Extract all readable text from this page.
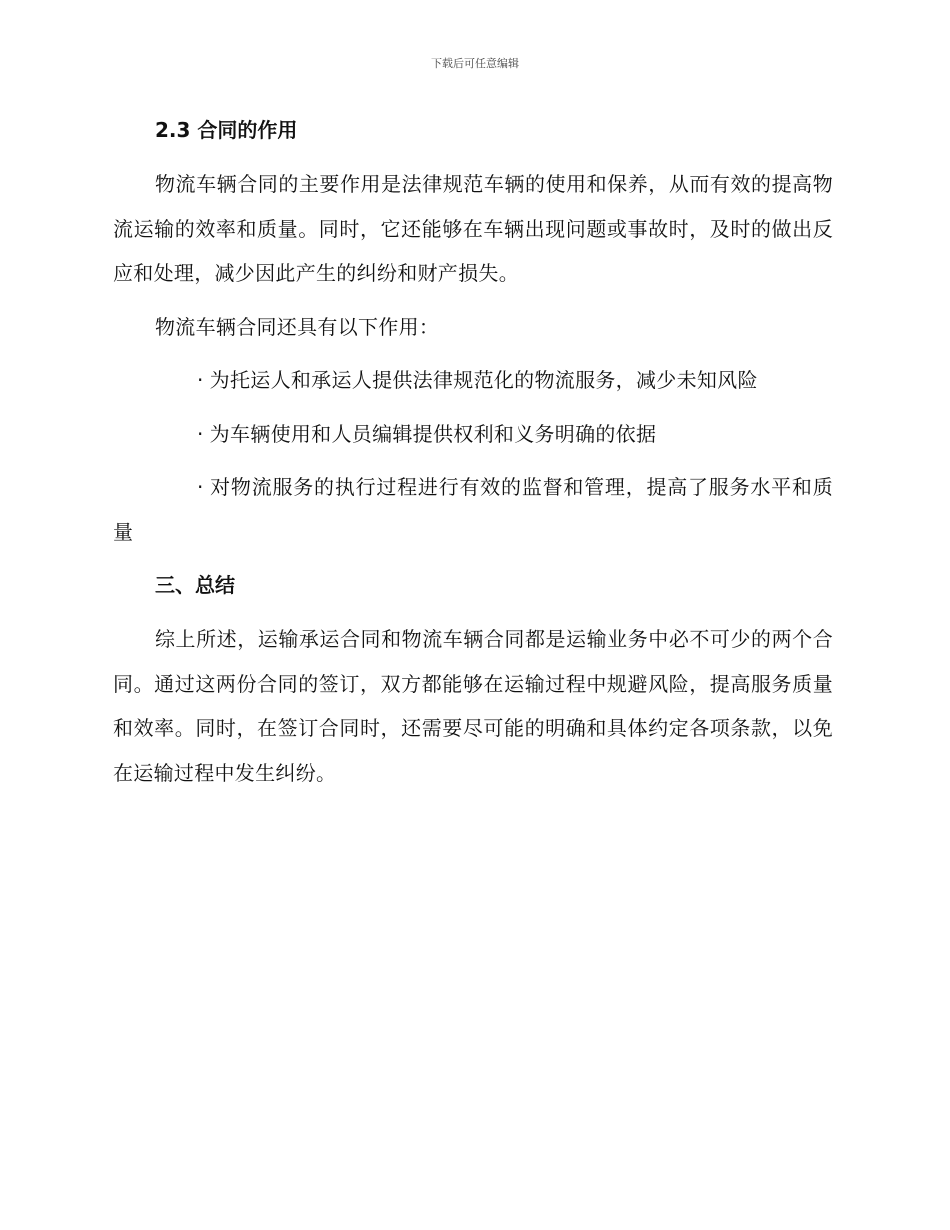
下载后可任意编辑
2.3 合同的作用

物流车辆合同的主要作用是法律规范车辆的使用和保养，从而有效的提高物流运输的效率和质量。同时，它还能够在车辆出现问题或事故时，及时的做出反应和处理，减少因此产生的纠纷和财产损失。

物流车辆合同还具有以下作用：

· 为托运人和承运人提供法律规范化的物流服务，减少未知风险

· 为车辆使用和人员编辑提供权利和义务明确的依据

· 对物流服务的执行过程进行有效的监督和管理，提高了服务水平和质量

三、总结

综上所述，运输承运合同和物流车辆合同都是运输业务中必不可少的两个合同。通过这两份合同的签订，双方都能够在运输过程中规避风险，提高服务质量和效率。同时，在签订合同时，还需要尽可能的明确和具体约定各项条款，以免在运输过程中发生纠纷。
